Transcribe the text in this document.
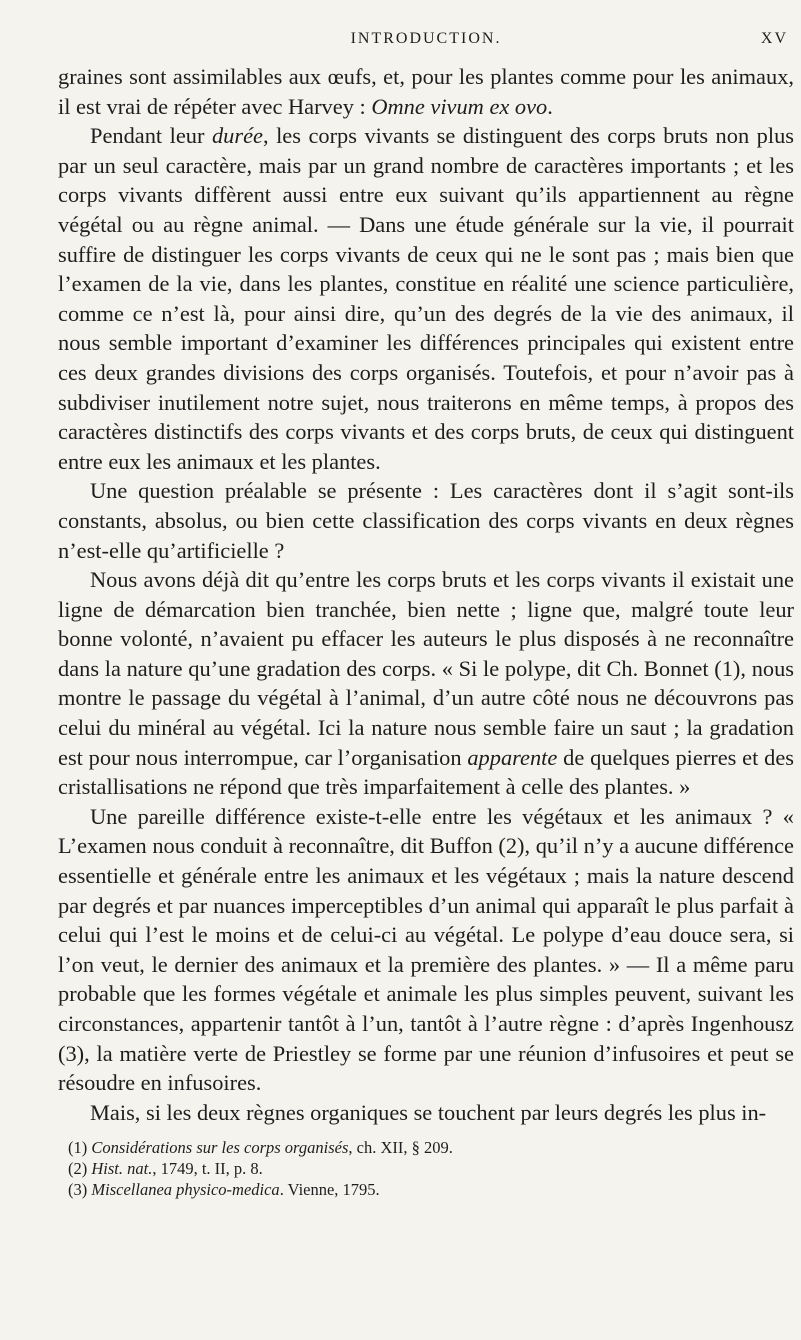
INTRODUCTION.	XV

graines sont assimilables aux œufs, et, pour les plantes comme pour les animaux, il est vrai de répéter avec Harvey : Omne vivum ex ovo.

Pendant leur durée, les corps vivants se distinguent des corps bruts non plus par un seul caractère, mais par un grand nombre de caractères importants ; et les corps vivants diffèrent aussi entre eux suivant qu’ils appartiennent au règne végétal ou au règne animal. — Dans une étude générale sur la vie, il pourrait suffire de distinguer les corps vivants de ceux qui ne le sont pas ; mais bien que l’examen de la vie, dans les plantes, constitue en réalité une science particulière, comme ce n’est là, pour ainsi dire, qu’un des degrés de la vie des animaux, il nous semble important d’examiner les différences principales qui existent entre ces deux grandes divisions des corps organisés. Toutefois, et pour n’avoir pas à subdiviser inutilement notre sujet, nous traiterons en même temps, à propos des caractères distinctifs des corps vivants et des corps bruts, de ceux qui distinguent entre eux les animaux et les plantes.

Une question préalable se présente : Les caractères dont il s’agit sont-ils constants, absolus, ou bien cette classification des corps vivants en deux règnes n’est-elle qu’artificielle ?

Nous avons déjà dit qu’entre les corps bruts et les corps vivants il existait une ligne de démarcation bien tranchée, bien nette ; ligne que, malgré toute leur bonne volonté, n’avaient pu effacer les auteurs le plus disposés à ne reconnaître dans la nature qu’une gradation des corps. « Si le polype, dit Ch. Bonnet (1), nous montre le passage du végétal à l’animal, d’un autre côté nous ne découvrons pas celui du minéral au végétal. Ici la nature nous semble faire un saut ; la gradation est pour nous interrompue, car l’organisation apparente de quelques pierres et des cristallisations ne répond que très imparfaitement à celle des plantes. »

Une pareille différence existe-t-elle entre les végétaux et les animaux ? « L’examen nous conduit à reconnaître, dit Buffon (2), qu’il n’y a aucune différence essentielle et générale entre les animaux et les végétaux ; mais la nature descend par degrés et par nuances imperceptibles d’un animal qui apparaît le plus parfait à celui qui l’est le moins et de celui-ci au végétal. Le polype d’eau douce sera, si l’on veut, le dernier des animaux et la première des plantes. » — Il a même paru probable que les formes végétale et animale les plus simples peuvent, suivant les circonstances, appartenir tantôt à l’un, tantôt à l’autre règne : d’après Ingenhousz (3), la matière verte de Priestley se forme par une réunion d’infusoires et peut se résoudre en infusoires.

Mais, si les deux règnes organiques se touchent par leurs degrés les plus in-

(1) Considérations sur les corps organisés, ch. XII, § 209.
(2) Hist. nat., 1749, t. II, p. 8.
(3) Miscellanea physico-medica. Vienne, 1795.
